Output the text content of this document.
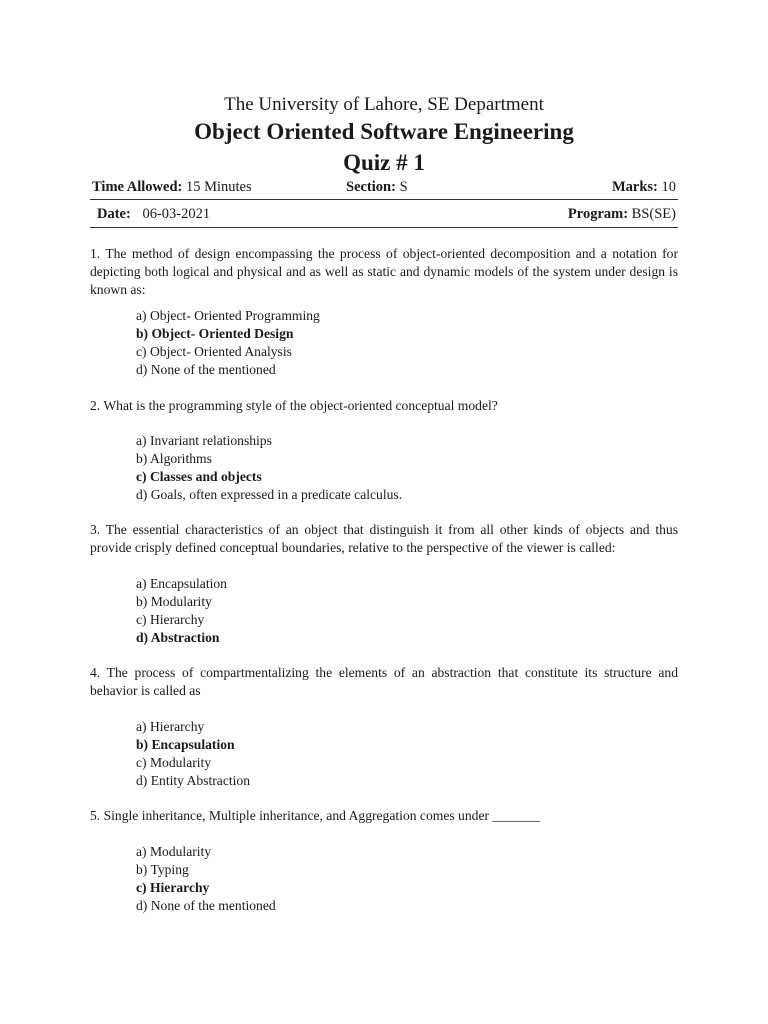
The University of Lahore, SE Department
Object Oriented Software Engineering
Quiz # 1
Time Allowed: 15 Minutes	Section: S	Marks: 10
Date: 06-03-2021	Program: BS(SE)
1. The method of design encompassing the process of object-oriented decomposition and a notation for depicting both logical and physical and as well as static and dynamic models of the system under design is known as:
a) Object- Oriented Programming
b) Object- Oriented Design
c) Object- Oriented Analysis
d) None of the mentioned
2. What is the programming style of the object-oriented conceptual model?
a) Invariant relationships
b) Algorithms
c) Classes and objects
d) Goals, often expressed in a predicate calculus.
3. The essential characteristics of an object that distinguish it from all other kinds of objects and thus provide crisply defined conceptual boundaries, relative to the perspective of the viewer is called:
a) Encapsulation
b) Modularity
c) Hierarchy
d) Abstraction
4. The process of compartmentalizing the elements of an abstraction that constitute its structure and behavior is called as
a) Hierarchy
b) Encapsulation
c) Modularity
d) Entity Abstraction
5. Single inheritance, Multiple inheritance, and Aggregation comes under _______
a) Modularity
b) Typing
c) Hierarchy
d) None of the mentioned
